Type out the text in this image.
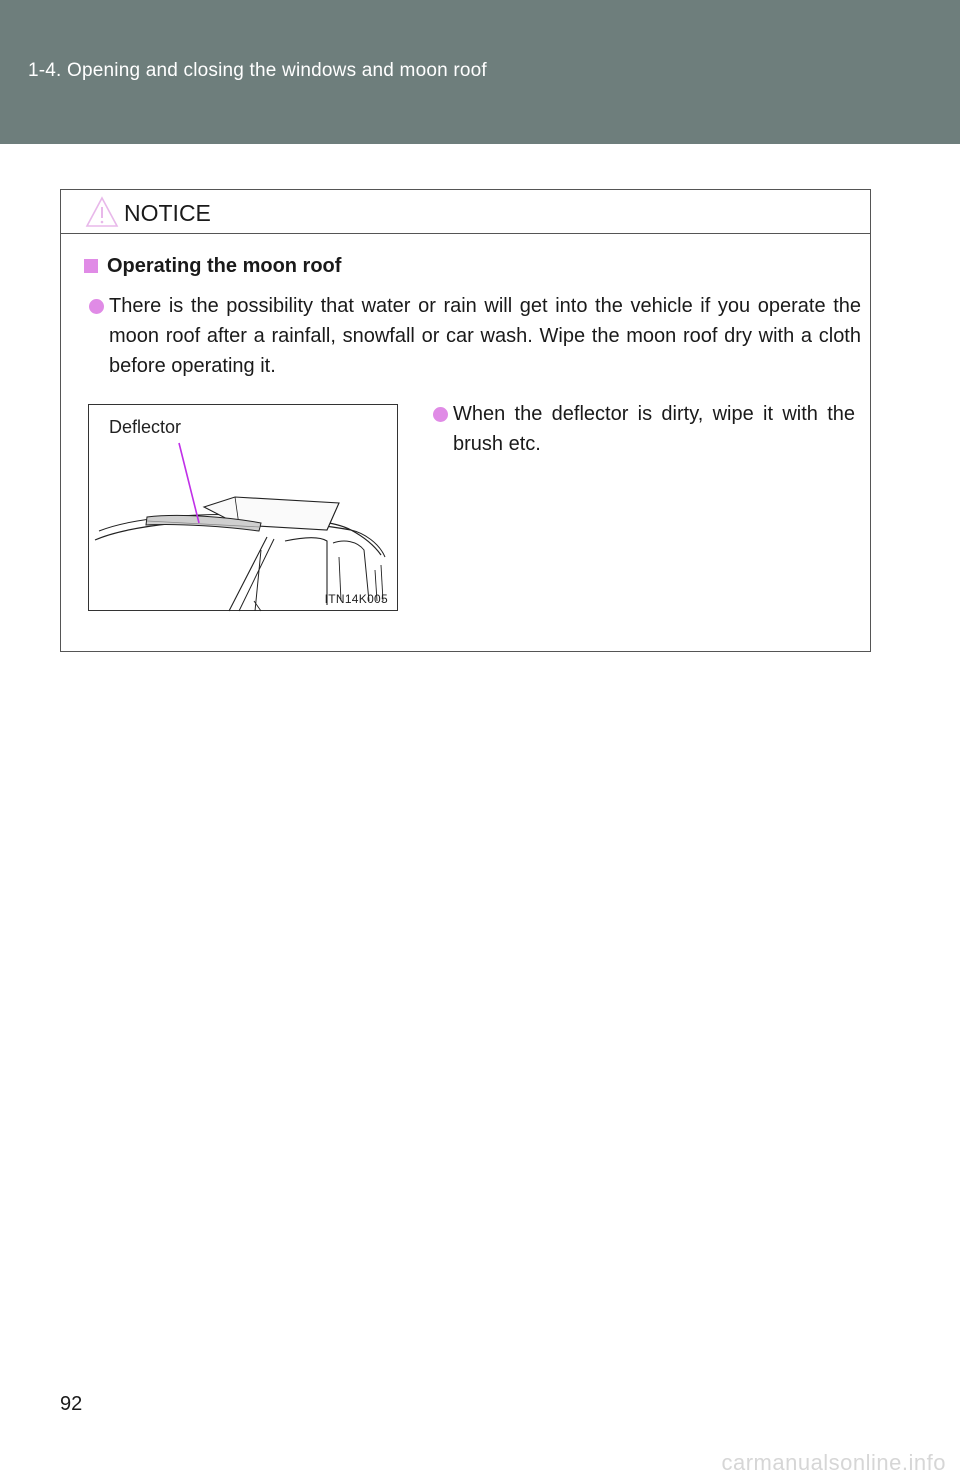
1-4. Opening and closing the windows and moon roof
NOTICE
Operating the moon roof
There is the possibility that water or rain will get into the vehicle if you operate the moon roof after a rainfall, snowfall or car wash. Wipe the moon roof dry with a cloth before operating it.
Deflector
ITN14K005
When the deflector is dirty, wipe it with the brush etc.
92
carmanualsonline.info
